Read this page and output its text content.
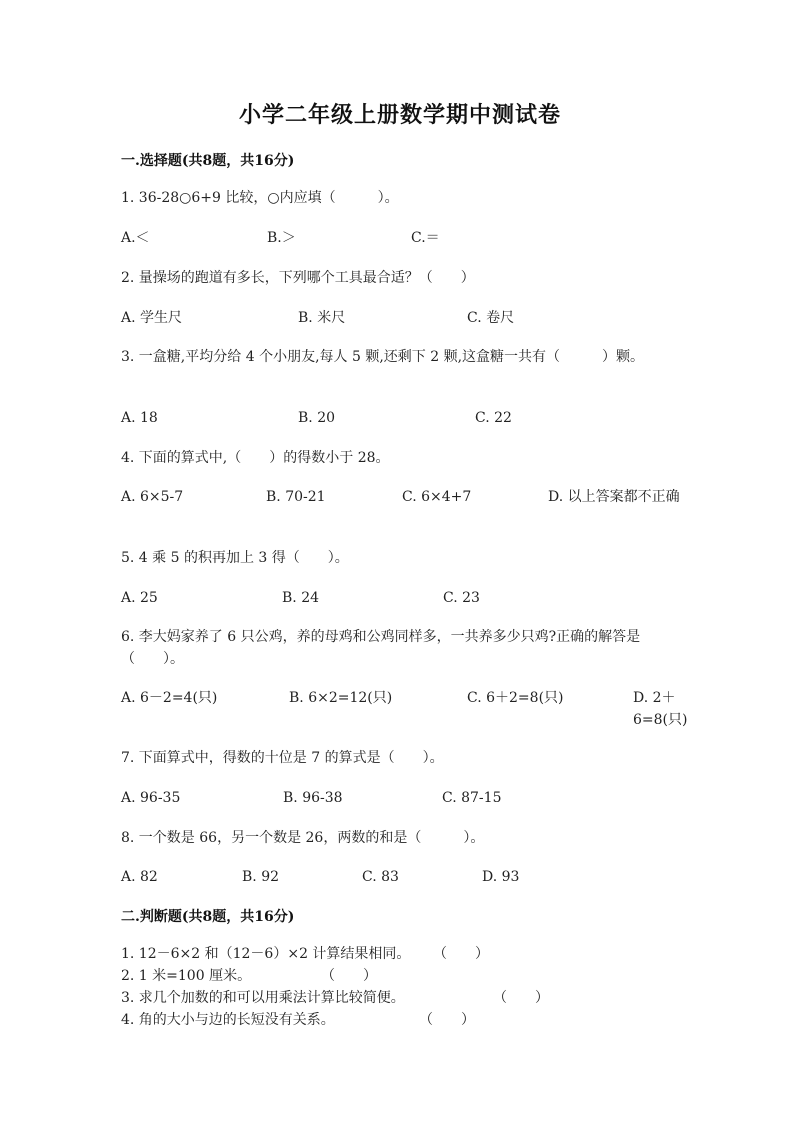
小学二年级上册数学期中测试卷
一.选择题(共8题，共16分)
1. 36-28○6+9 比较，○内应填（　　　）。
A.＜	B.＞	C.＝
2. 量操场的跑道有多长，下列哪个工具最合适？（　　）
A. 学生尺	B. 米尺	C. 卷尺
3. 一盒糖,平均分给 4 个小朋友,每人 5 颗,还剩下 2 颗,这盒糖一共有（　　　）颗。
A. 18	B. 20	C. 22
4. 下面的算式中,（　　）的得数小于 28。
A. 6×5-7	B. 70-21	C. 6×4+7	D. 以上答案都不正确
5. 4 乘 5 的积再加上 3 得（　　）。
A. 25	B. 24	C. 23
6. 李大妈家养了 6 只公鸡，养的母鸡和公鸡同样多，一共养多少只鸡?正确的解答是（　　）。
A. 6－2=4(只)	B. 6×2=12(只)	C. 6＋2=8(只)	D. 2＋6=8(只)
7. 下面算式中，得数的十位是 7 的算式是（　　）。
A. 96-35	B. 96-38	C. 87-15
8. 一个数是 66，另一个数是 26，两数的和是（　　　）。
A. 82	B. 92	C. 83	D. 93
二.判断题(共8题，共16分)
1. 12－6×2 和（12－6）×2 计算结果相同。 （　　）
2. 1 米=100 厘米。	（　　）
3. 求几个加数的和可以用乘法计算比较简便。	（　　）
4. 角的大小与边的长短没有关系。	（　　）
